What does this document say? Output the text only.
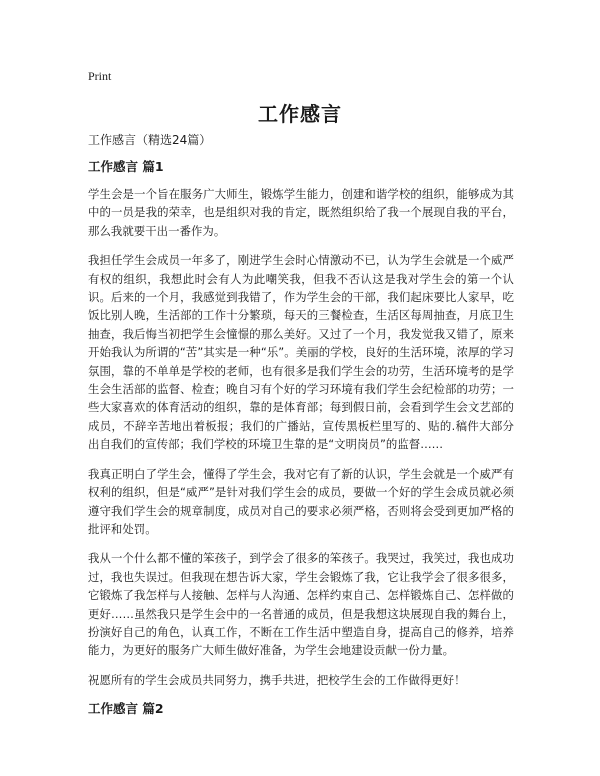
Print
工作感言

工作感言（精选24篇）

工作感言 篇1

学生会是一个旨在服务广大师生，锻炼学生能力，创建和谐学校的组织，能够成为其中的一员是我的荣幸，也是组织对我的肯定，既然组织给了我一个展现自我的平台，那么我就要干出一番作为。

我担任学生会成员一年多了，刚进学生会时心情激动不已，认为学生会就是一个威严有权的组织，我想此时会有人为此嘲笑我，但我不否认这是我对学生会的第一个认识。后来的一个月，我感觉到我错了，作为学生会的干部，我们起床要比人家早，吃饭比别人晚，生活部的工作十分繁琐，每天的三餐检查，生活区每周抽查，月底卫生抽查，我后悔当初把学生会憧憬的那么美好。又过了一个月，我发觉我又错了，原来开始我认为所谓的“苦”其实是一种“乐”。美丽的学校，良好的生活环境，浓厚的学习氛围，靠的不单单是学校的老师，也有很多是我们学生会的功劳，生活环境考的是学生会生活部的监督、检查；晚自习有个好的学习环境有我们学生会纪检部的功劳；一些大家喜欢的体育活动的组织，靠的是体育部；每到假日前，会看到学生会文艺部的成员，不辞辛苦地出着板报；我们的广播站，宣传黑板栏里写的、贴的.稿件大部分出自我们的宣传部；我们学校的环境卫生靠的是“文明岗员”的监督……

我真正明白了学生会，懂得了学生会，我对它有了新的认识，学生会就是一个威严有权利的组织，但是“威严”是针对我们学生会的成员，要做一个好的学生会成员就必须遵守我们学生会的规章制度，成员对自己的要求必须严格，否则将会受到更加严格的批评和处罚。

我从一个什么都不懂的笨孩子，到学会了很多的笨孩子。我哭过，我笑过，我也成功过，我也失误过。但我现在想告诉大家，学生会锻炼了我，它让我学会了很多很多，它锻炼了我怎样与人接触、怎样与人沟通、怎样约束自己、怎样锻炼自己、怎样做的更好……虽然我只是学生会中的一名普通的成员，但是我想这块展现自我的舞台上，扮演好自己的角色，认真工作，不断在工作生活中塑造自身，提高自己的修养，培养能力，为更好的服务广大师生做好准备，为学生会地建设贡献一份力量。

祝愿所有的学生会成员共同努力，携手共进，把校学生会的工作做得更好！

工作感言 篇2
